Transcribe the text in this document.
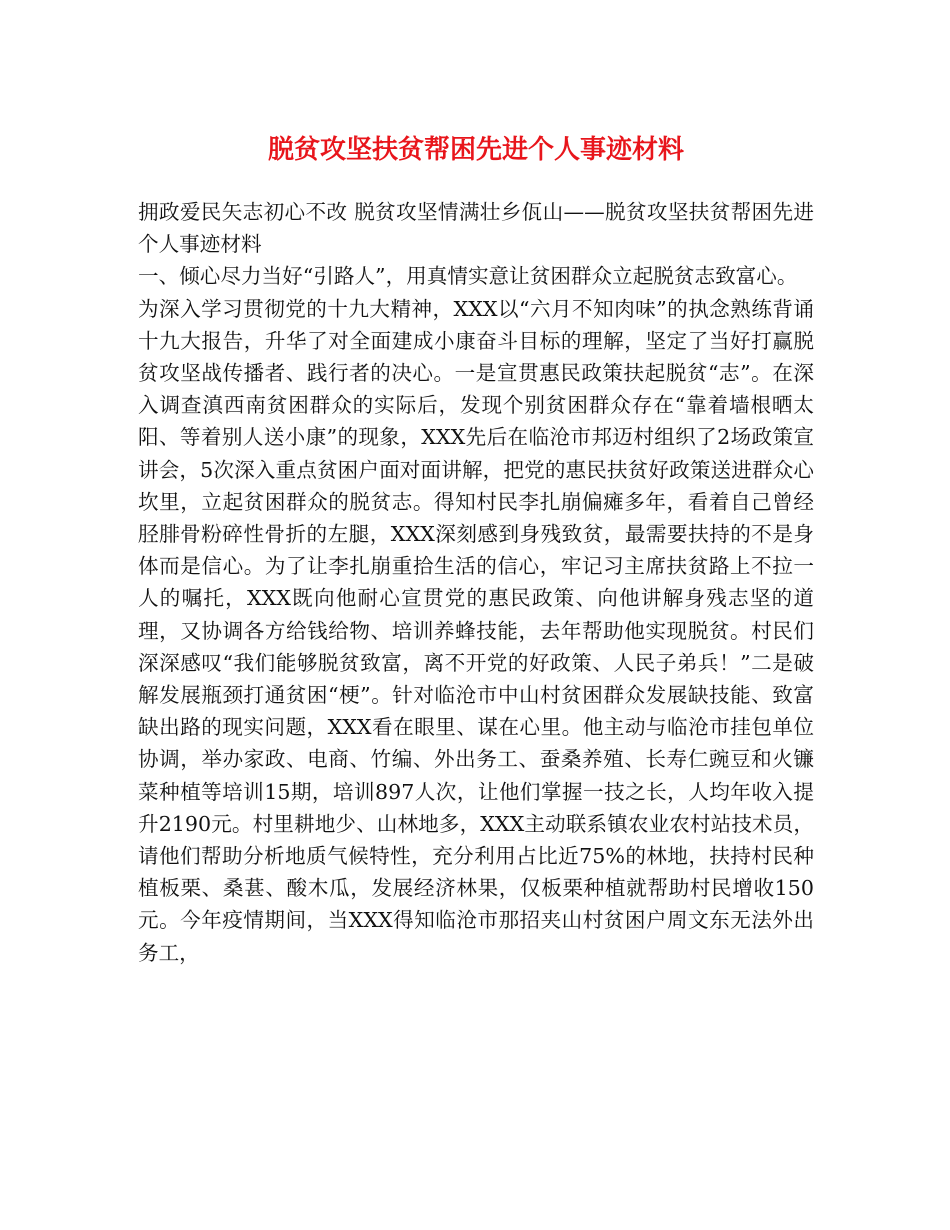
脱贫攻坚扶贫帮困先进个人事迹材料

拥政爱民矢志初心不改 脱贫攻坚情满壮乡佤山——脱贫攻坚扶贫帮困先进个人事迹材料

一、倾心尽力当好“引路人”，用真情实意让贫困群众立起脱贫志致富心。

为深入学习贯彻党的十九大精神，XXX以“六月不知肉味”的执念熟练背诵十九大报告，升华了对全面建成小康奋斗目标的理解，坚定了当好打赢脱贫攻坚战传播者、践行者的决心。一是宣贯惠民政策扶起脱贫“志”。在深入调查滇西南贫困群众的实际后，发现个别贫困群众存在“靠着墙根晒太阳、等着别人送小康”的现象，XXX先后在临沧市邦迈村组织了2场政策宣讲会，5次深入重点贫困户面对面讲解，把党的惠民扶贫好政策送进群众心坎里，立起贫困群众的脱贫志。得知村民李扎崩偏瘫多年，看着自己曾经胫腓骨粉碎性骨折的左腿，XXX深刻感到身残致贫，最需要扶持的不是身体而是信心。为了让李扎崩重拾生活的信心，牢记习主席扶贫路上不拉一人的嘱托，XXX既向他耐心宣贯党的惠民政策、向他讲解身残志坚的道理，又协调各方给钱给物、培训养蜂技能，去年帮助他实现脱贫。村民们深深感叹“我们能够脱贫致富，离不开党的好政策、人民子弟兵！”二是破解发展瓶颈打通贫困“梗”。针对临沧市中山村贫困群众发展缺技能、致富缺出路的现实问题，XXX看在眼里、谋在心里。他主动与临沧市挂包单位协调，举办家政、电商、竹编、外出务工、蚕桑养殖、长寿仁豌豆和火镰菜种植等培训15期，培训897人次，让他们掌握一技之长，人均年收入提升2190元。村里耕地少、山林地多，XXX主动联系镇农业农村站技术员，请他们帮助分析地质气候特性，充分利用占比近75%的林地，扶持村民种植板栗、桑葚、酸木瓜，发展经济林果，仅板栗种植就帮助村民增收150元。今年疫情期间，当XXX得知临沧市那招夹山村贫困户周文东无法外出务工，
